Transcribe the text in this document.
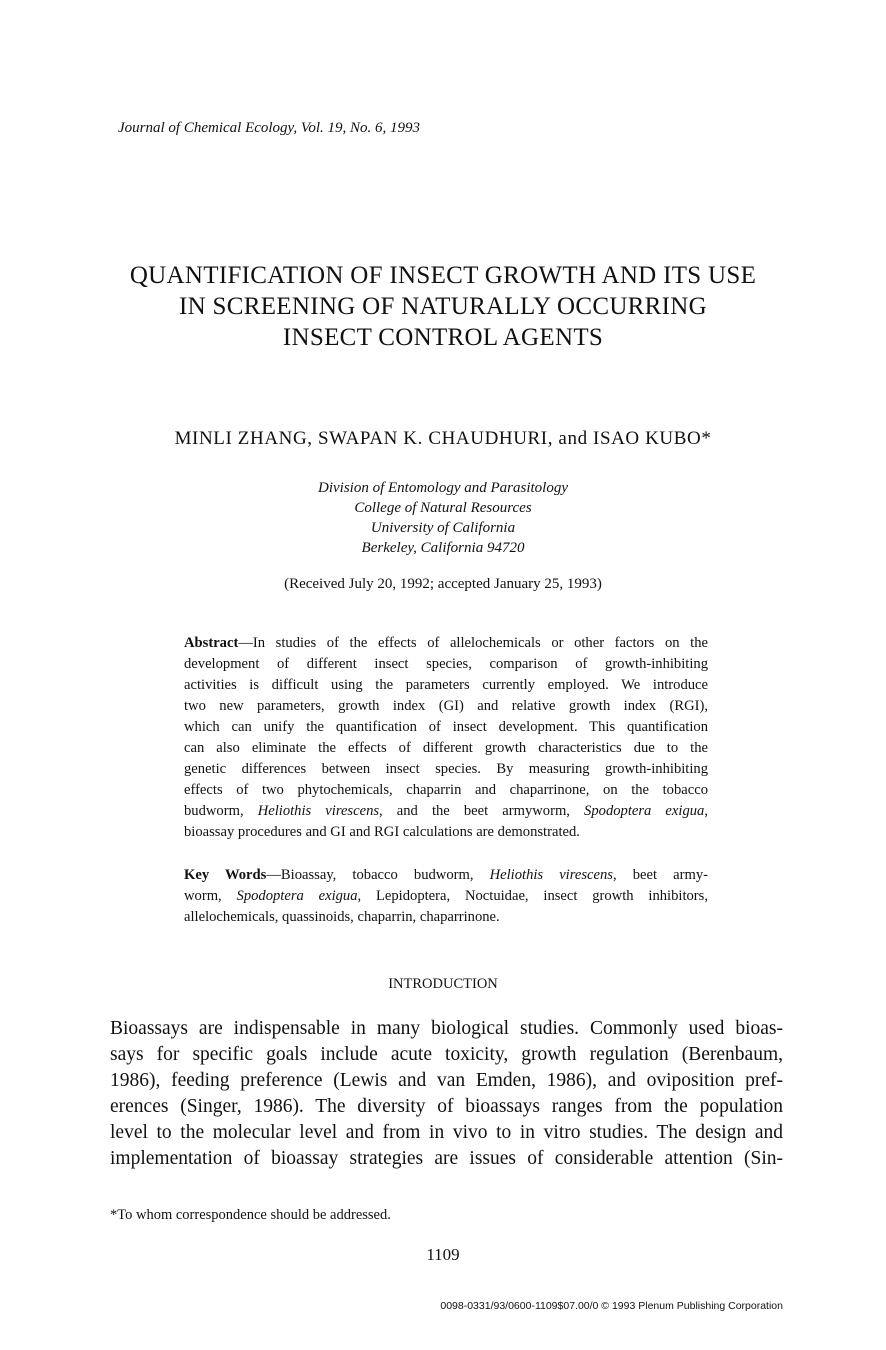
Journal of Chemical Ecology, Vol. 19, No. 6, 1993
QUANTIFICATION OF INSECT GROWTH AND ITS USE
IN SCREENING OF NATURALLY OCCURRING
INSECT CONTROL AGENTS
MINLI ZHANG, SWAPAN K. CHAUDHURI, and ISAO KUBO*
Division of Entomology and Parasitology
College of Natural Resources
University of California
Berkeley, California 94720
(Received July 20, 1992; accepted January 25, 1993)
Abstract—In studies of the effects of allelochemicals or other factors on the
development of different insect species, comparison of growth-inhibiting
activities is difficult using the parameters currently employed. We introduce
two new parameters, growth index (GI) and relative growth index (RGI),
which can unify the quantification of insect development. This quantification
can also eliminate the effects of different growth characteristics due to the
genetic differences between insect species. By measuring growth-inhibiting
effects of two phytochemicals, chaparrin and chaparrinone, on the tobacco
budworm, Heliothis virescens, and the beet armyworm, Spodoptera exigua,
bioassay procedures and GI and RGI calculations are demonstrated.
Key Words—Bioassay, tobacco budworm, Heliothis virescens, beet army-
worm, Spodoptera exigua, Lepidoptera, Noctuidae, insect growth inhibitors,
allelochemicals, quassinoids, chaparrin, chaparrinone.
INTRODUCTION
Bioassays are indispensable in many biological studies. Commonly used bioas-
says for specific goals include acute toxicity, growth regulation (Berenbaum,
1986), feeding preference (Lewis and van Emden, 1986), and oviposition pref-
erences (Singer, 1986). The diversity of bioassays ranges from the population
level to the molecular level and from in vivo to in vitro studies. The design and
implementation of bioassay strategies are issues of considerable attention (Sin-
*To whom correspondence should be addressed.
1109
0098-0331/93/0600-1109$07.00/0 © 1993 Plenum Publishing Corporation
